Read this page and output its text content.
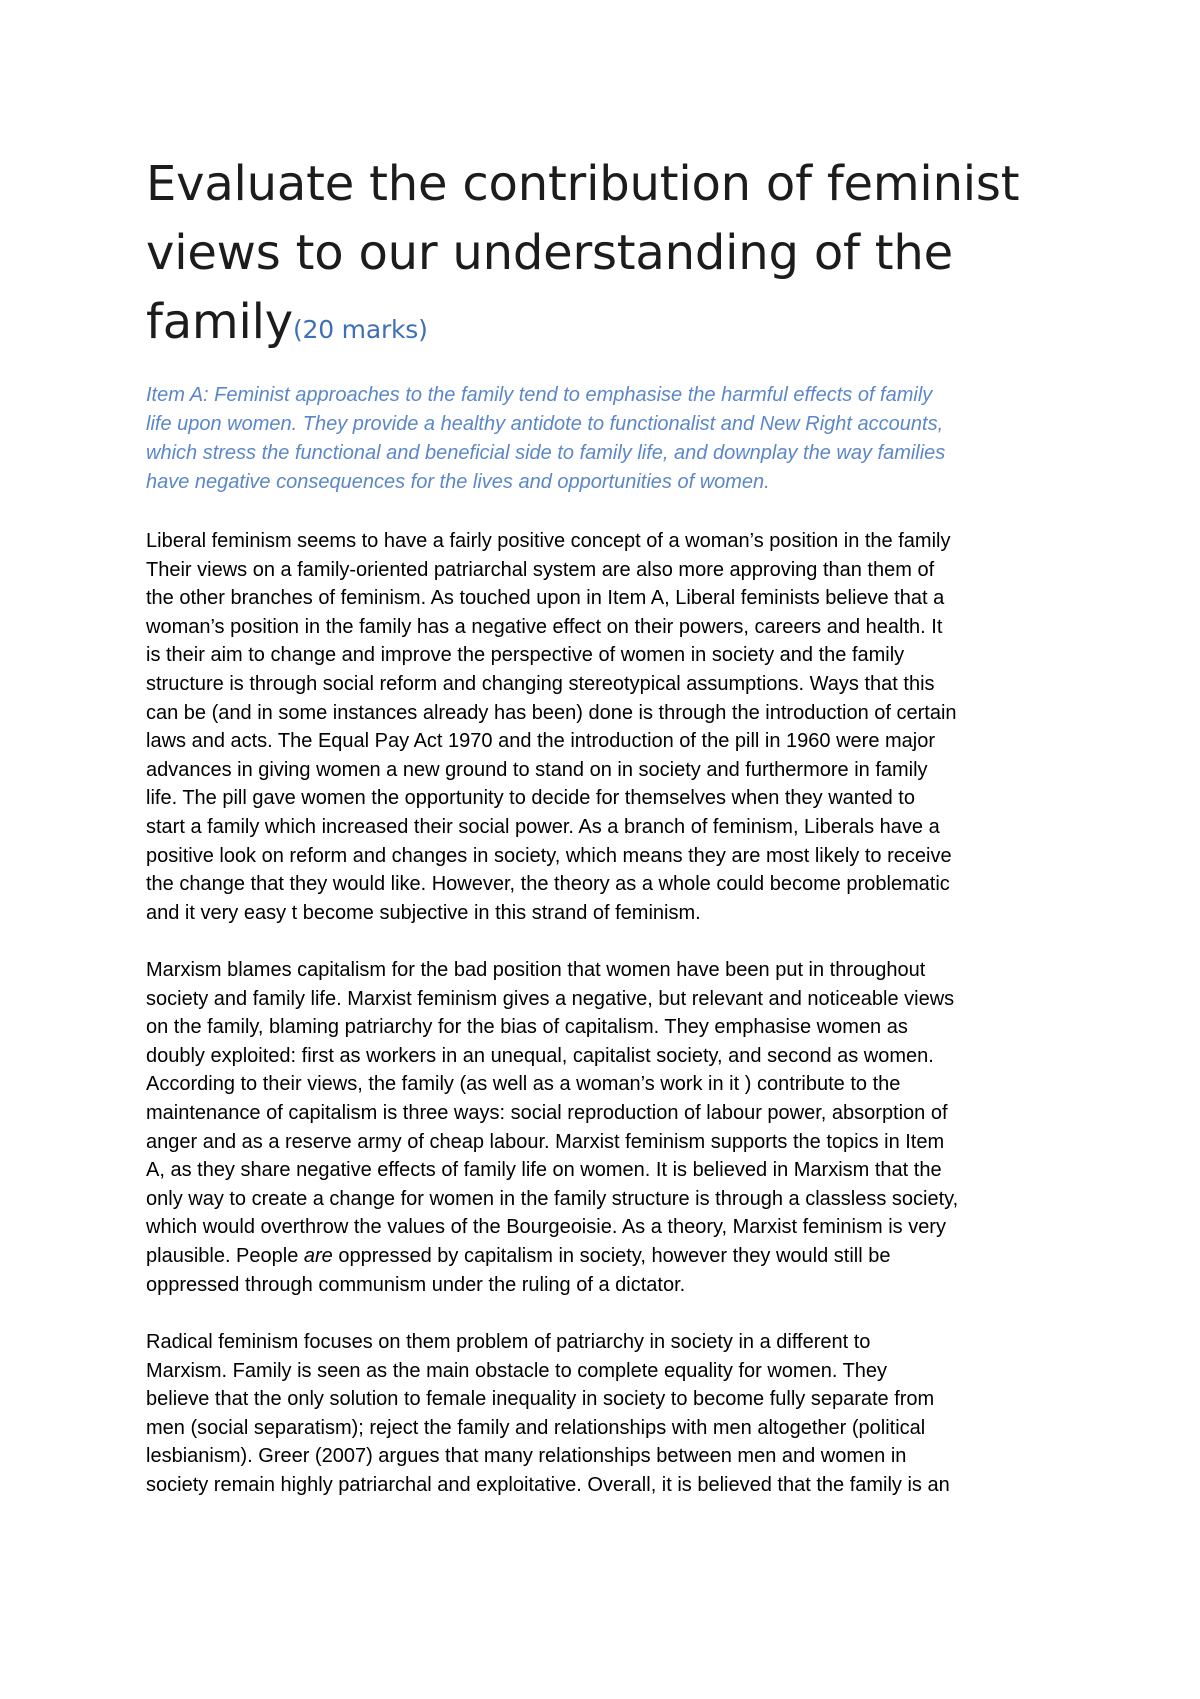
Evaluate the contribution of feminist
views to our understanding of the
family(20 marks)

Item A: Feminist approaches to the family tend to emphasise the harmful effects of family
life upon women. They provide a healthy antidote to functionalist and New Right accounts,
which stress the functional and beneficial side to family life, and downplay the way families
have negative consequences for the lives and opportunities of women.

Liberal feminism seems to have a fairly positive concept of a woman’s position in the family
Their views on a family-oriented patriarchal system are also more approving than them of
the other branches of feminism. As touched upon in Item A, Liberal feminists believe that a
woman’s position in the family has a negative effect on their powers, careers and health. It
is their aim to change and improve the perspective of women in society and the family
structure is through social reform and changing stereotypical assumptions. Ways that this
can be (and in some instances already has been) done is through the introduction of certain
laws and acts. The Equal Pay Act 1970 and the introduction of the pill in 1960 were major
advances in giving women a new ground to stand on in society and furthermore in family
life. The pill gave women the opportunity to decide for themselves when they wanted to
start a family which increased their social power. As a branch of feminism, Liberals have a
positive look on reform and changes in society, which means they are most likely to receive
the change that they would like. However, the theory as a whole could become problematic
and it very easy t become subjective in this strand of feminism.

Marxism blames capitalism for the bad position that women have been put in throughout
society and family life. Marxist feminism gives a negative, but relevant and noticeable views
on the family, blaming patriarchy for the bias of capitalism. They emphasise women as
doubly exploited: first as workers in an unequal, capitalist society, and second as women.
According to their views, the family (as well as a woman’s work in it ) contribute to the
maintenance of capitalism is three ways: social reproduction of labour power, absorption of
anger and as a reserve army of cheap labour. Marxist feminism supports the topics in Item
A, as they share negative effects of family life on women. It is believed in Marxism that the
only way to create a change for women in the family structure is through a classless society,
which would overthrow the values of the Bourgeoisie. As a theory, Marxist feminism is very
plausible. People are oppressed by capitalism in society, however they would still be
oppressed through communism under the ruling of a dictator.

Radical feminism focuses on them problem of patriarchy in society in a different to
Marxism. Family is seen as the main obstacle to complete equality for women. They
believe that the only solution to female inequality in society to become fully separate from
men (social separatism); reject the family and relationships with men altogether (political
lesbianism). Greer (2007) argues that many relationships between men and women in
society remain highly patriarchal and exploitative. Overall, it is believed that the family is an
